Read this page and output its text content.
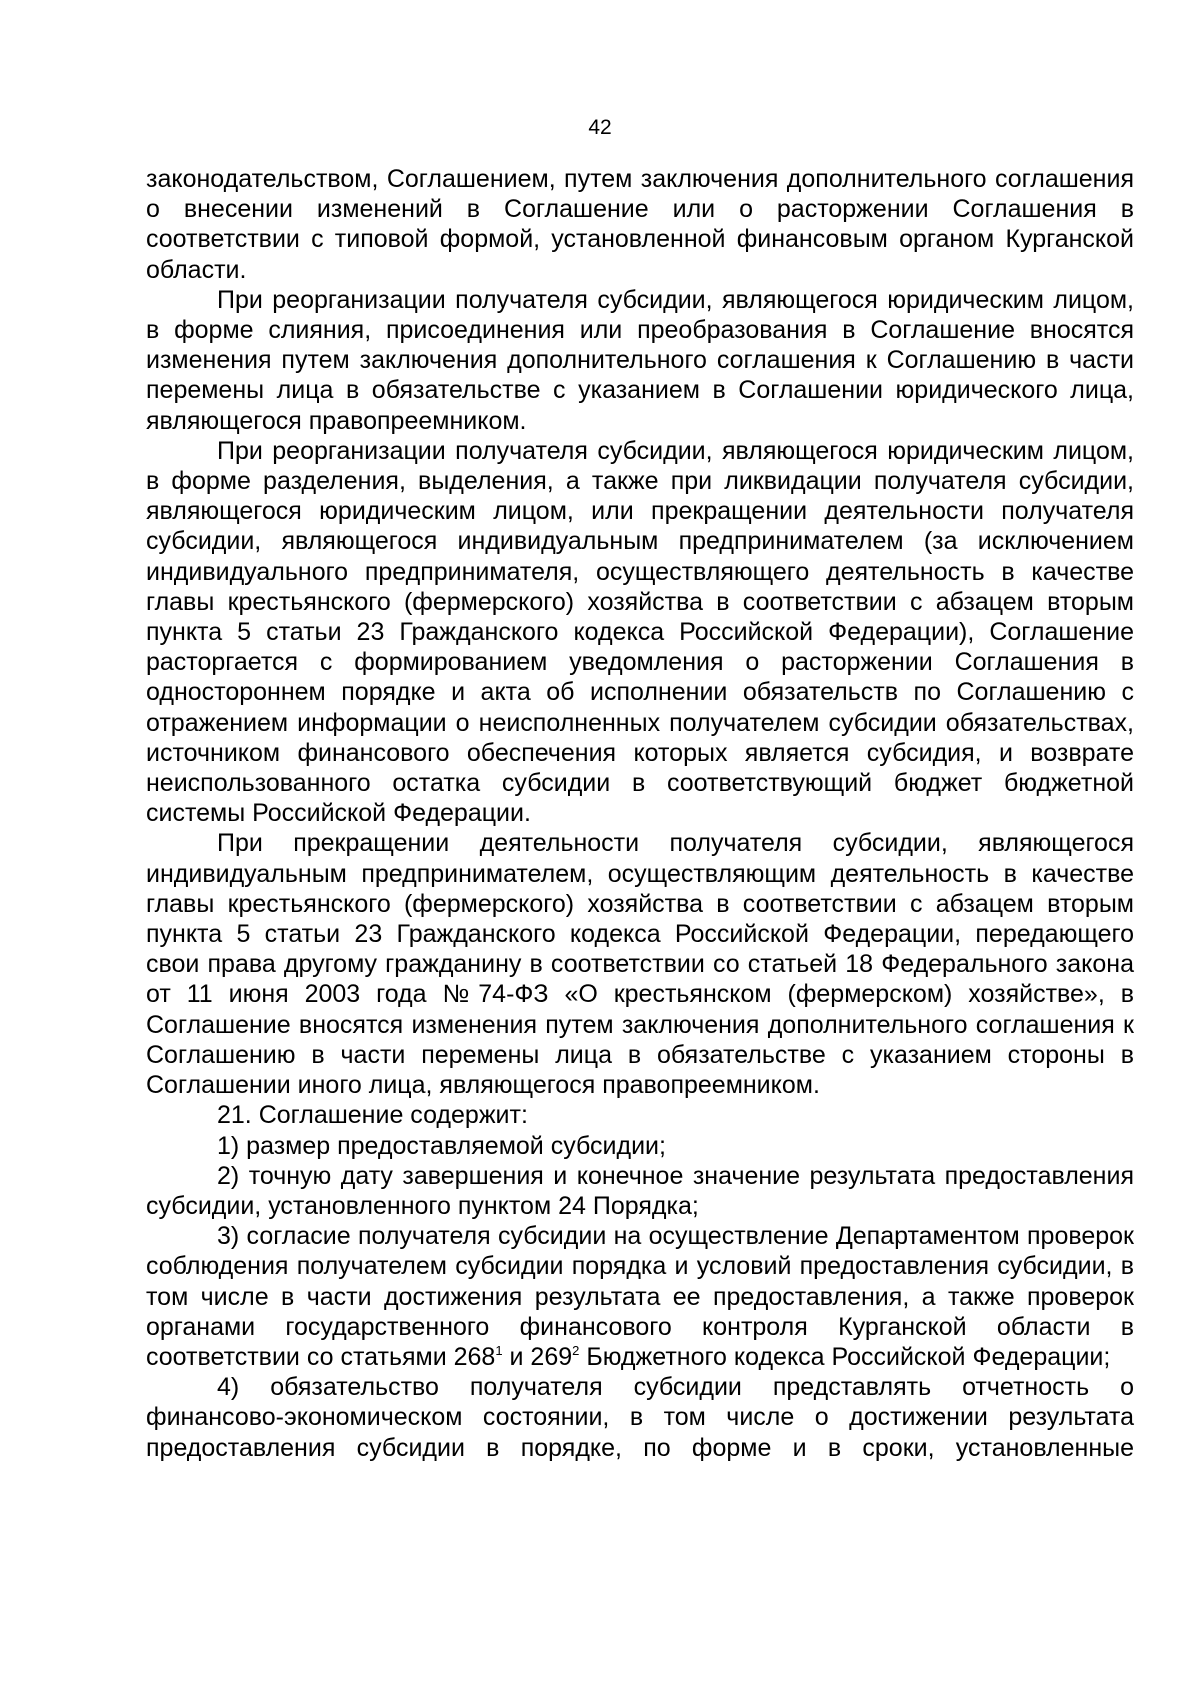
42

законодательством, Соглашением, путем заключения дополнительного соглашения о внесении изменений в Соглашение или о расторжении Соглашения в соответствии с типовой формой, установленной финансовым органом Курганской области.

При реорганизации получателя субсидии, являющегося юридическим лицом, в форме слияния, присоединения или преобразования в Соглашение вносятся изменения путем заключения дополнительного соглашения к Соглашению в части перемены лица в обязательстве с указанием в Соглашении юридического лица, являющегося правопреемником.

При реорганизации получателя субсидии, являющегося юридическим лицом, в форме разделения, выделения, а также при ликвидации получателя субсидии, являющегося юридическим лицом, или прекращении деятельности получателя субсидии, являющегося индивидуальным предпринимателем (за исключением индивидуального предпринимателя, осуществляющего деятельность в качестве главы крестьянского (фермерского) хозяйства в соответствии с абзацем вторым пункта 5 статьи 23 Гражданского кодекса Российской Федерации), Соглашение расторгается с формированием уведомления о расторжении Соглашения в одностороннем порядке и акта об исполнении обязательств по Соглашению с отражением информации о неисполненных получателем субсидии обязательствах, источником финансового обеспечения которых является субсидия, и возврате неиспользованного остатка субсидии в соответствующий бюджет бюджетной системы Российской Федерации.

При прекращении деятельности получателя субсидии, являющегося индивидуальным предпринимателем, осуществляющим деятельность в качестве главы крестьянского (фермерского) хозяйства в соответствии с абзацем вторым пункта 5 статьи 23 Гражданского кодекса Российской Федерации, передающего свои права другому гражданину в соответствии со статьей 18 Федерального закона от 11 июня 2003 года №74-ФЗ «О крестьянском (фермерском) хозяйстве», в Соглашение вносятся изменения путем заключения дополнительного соглашения к Соглашению в части перемены лица в обязательстве с указанием стороны в Соглашении иного лица, являющегося правопреемником.

21. Соглашение содержит:

1) размер предоставляемой субсидии;

2) точную дату завершения и конечное значение результата предоставления субсидии, установленного пунктом 24 Порядка;

3) согласие получателя субсидии на осуществление Департаментом проверок соблюдения получателем субсидии порядка и условий предоставления субсидии, в том числе в части достижения результата ее предоставления, а также проверок органами государственного финансового контроля Курганской области в соответствии со статьями $268^1$ и $269^2$ Бюджетного кодекса Российской Федерации;

4) обязательство получателя субсидии представлять отчетность о финансово-экономическом состоянии, в том числе о достижении результата предоставления субсидии в порядке, по форме и в сроки, установленные
